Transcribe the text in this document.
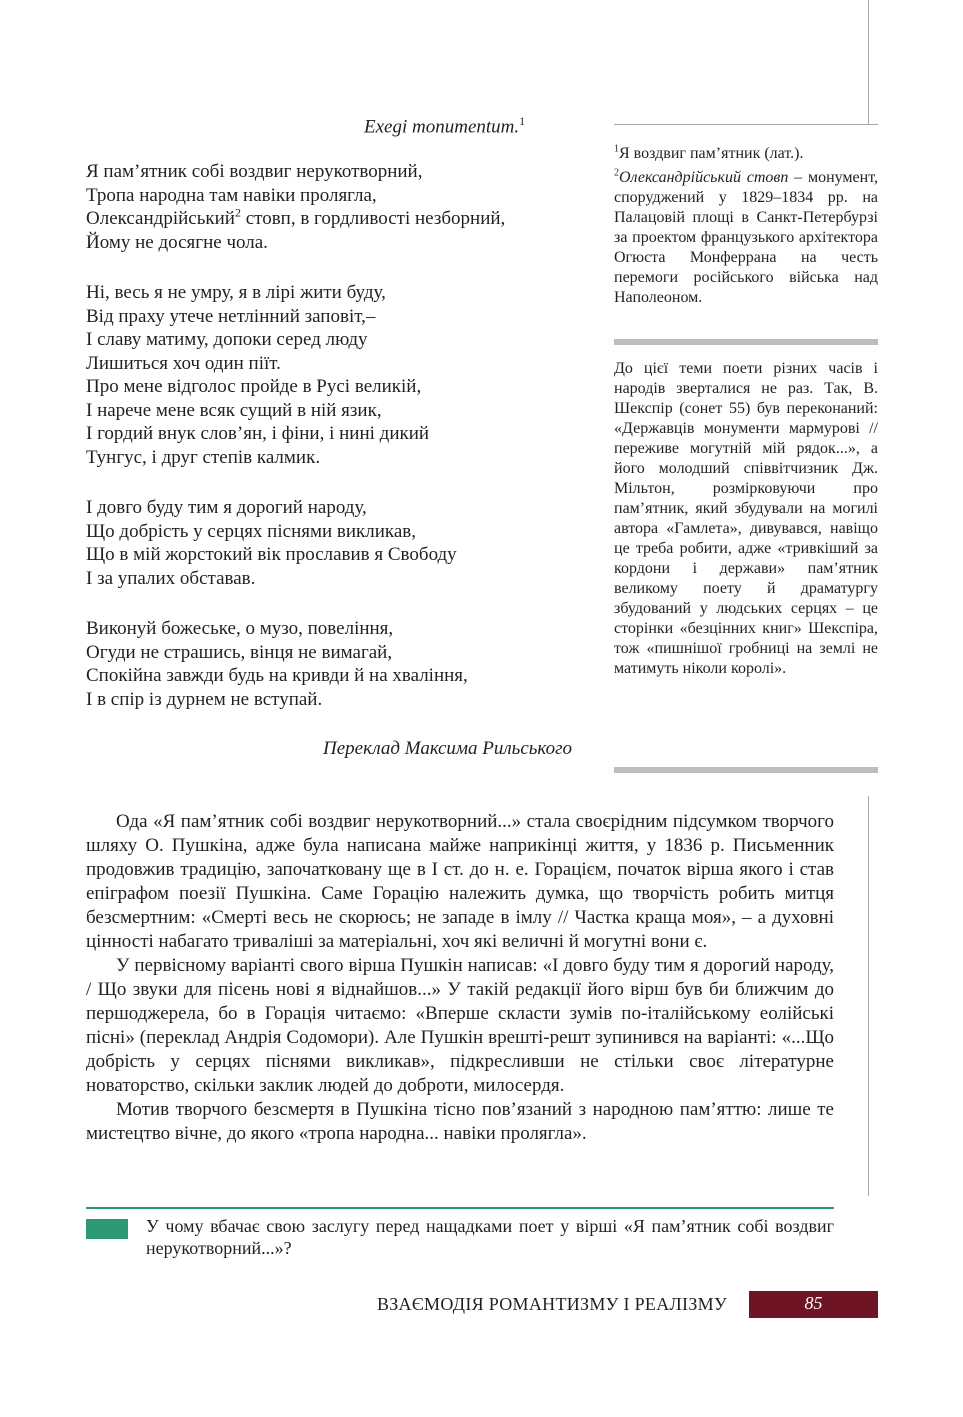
Exegi monumentum.$^1$
Я пам’ятник собі воздвиг нерукотворний,
Тропа народна там навіки пролягла,
Олександрійський$^2$ стовп, в гордливості незборний,
Йому не досягне чола.
Ні, весь я не умру, я в лірі жити буду,
Від праху утече нетлінний заповіт,–
І славу матиму, допоки серед люду
Лишиться хоч один піїт.
Про мене відголос пройде в Русі великій,
І нарече мене всяк сущий в ній язик,
І гордий внук слов’ян, і фіни, і нині дикий
Тунгус, і друг степів калмик.
І довго буду тим я дорогий народу,
Що добрість у серцях піснями викликав,
Що в мій жорстокий вік прославив я Свободу
І за упалих обставав.
Виконуй божеське, о музо, повеління,
Огуди не страшись, вінця не вимагай,
Спокійна завжди будь на кривди й на хваління,
І в спір із дурнем не вступай.
Переклад Максима Рильського
$^1$Я воздвиг пам’ятник (лат.).
$^2$Олександрійський стовп – монумент, споруджений у 1829–1834 рр. на Палацовій площі в Санкт-Петербурзі за проектом французького архітектора Огюста Монферрана на честь перемоги російського війська над Наполеоном.
До цієї теми поети різних часів і народів зверталися не раз. Так, В. Шекспір (сонет 55) був переконаний: «Державців монументи мармурові // переживе могутній мій рядок...», а його молодший співвітчизник Дж. Мільтон, розмірковуючи про пам’ятник, який збудували на могилі автора «Гамлета», дивувався, навіщо це треба робити, адже «тривкіший за кордони і держави» пам’ятник великому поету й драматургу збудований у людських серцях – це сторінки «безцінних книг» Шекспіра, тож «пишнішої гробниці на землі не матимуть ніколи королі».

Ода «Я пам’ятник собі воздвиг нерукотворний...» стала своєрідним підсумком творчого шляху О. Пушкіна, адже була написана майже наприкінці життя, у 1836 р. Письменник продовжив традицію, започатковану ще в І ст. до н. е. Горацієм, початок вірша якого і став епіграфом поезії Пушкіна. Саме Горацію належить думка, що творчість робить митця безсмертним: «Смерті весь не скорюсь; не западе в імлу // Частка краща моя», – а духовні цінності набагато триваліші за матеріальні, хоч які величні й могутні вони є.

У первісному варіанті свого вірша Пушкін написав: «І довго буду тим я дорогий народу, / Що звуки для пісень нові я віднайшов...» У такій редакції його вірш був би ближчим до першоджерела, бо в Горація читаємо: «Вперше скласти зумів по-італійському еолійські пісні» (переклад Андрія Содомори). Але Пушкін врешті-решт зупинився на варіанті: «...Що добрість у серцях піснями викликав», підкресливши не стільки своє літературне новаторство, скільки заклик людей до доброти, милосердя.

Мотив творчого безсмертя в Пушкіна тісно пов’язаний з народною пам’яттю: лише те мистецтво вічне, до якого «тропа народна... навіки пролягла».

У чому вбачає свою заслугу перед нащадками поет у вірші «Я пам’ятник собі воздвиг нерукотворний...»?
ВЗАЄМОДІЯ РОМАНТИЗМУ І РЕАЛІЗМУ	85
